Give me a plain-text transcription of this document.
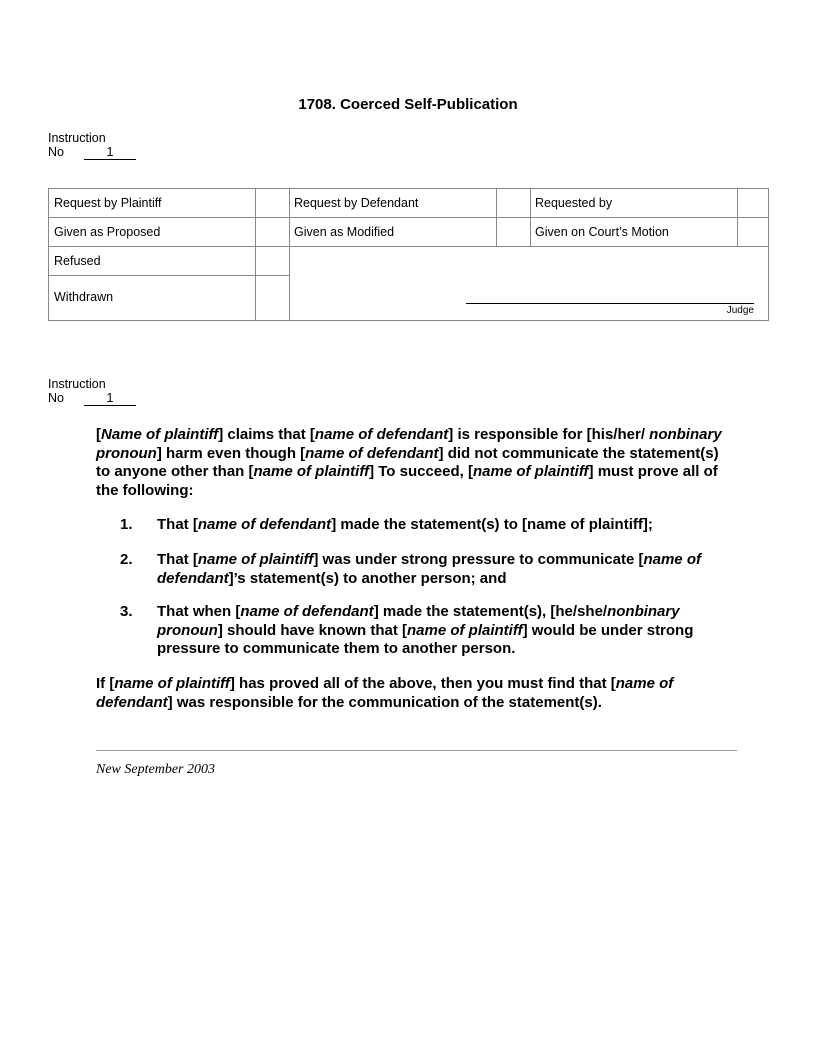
1708. Coerced Self-Publication
Instruction
No	1
Request by Plaintiff	Request by Defendant	Requested by
Given as Proposed	Given as Modified	Given on Court’s Motion
Refused
Withdrawn
Judge
Instruction
No	1
[Name of plaintiff] claims that [name of defendant] is responsible for [his/her/ nonbinary pronoun] harm even though [name of defendant] did not communicate the statement(s) to anyone other than [name of plaintiff] To succeed, [name of plaintiff] must prove all of the following:
1. That [name of defendant] made the statement(s) to [name of plaintiff];
2. That [name of plaintiff] was under strong pressure to communicate [name of defendant]’s statement(s) to another person; and
3. That when [name of defendant] made the statement(s), [he/she/nonbinary pronoun] should have known that [name of plaintiff] would be under strong pressure to communicate them to another person.
If [name of plaintiff] has proved all of the above, then you must find that [name of defendant] was responsible for the communication of the statement(s).
New September 2003
